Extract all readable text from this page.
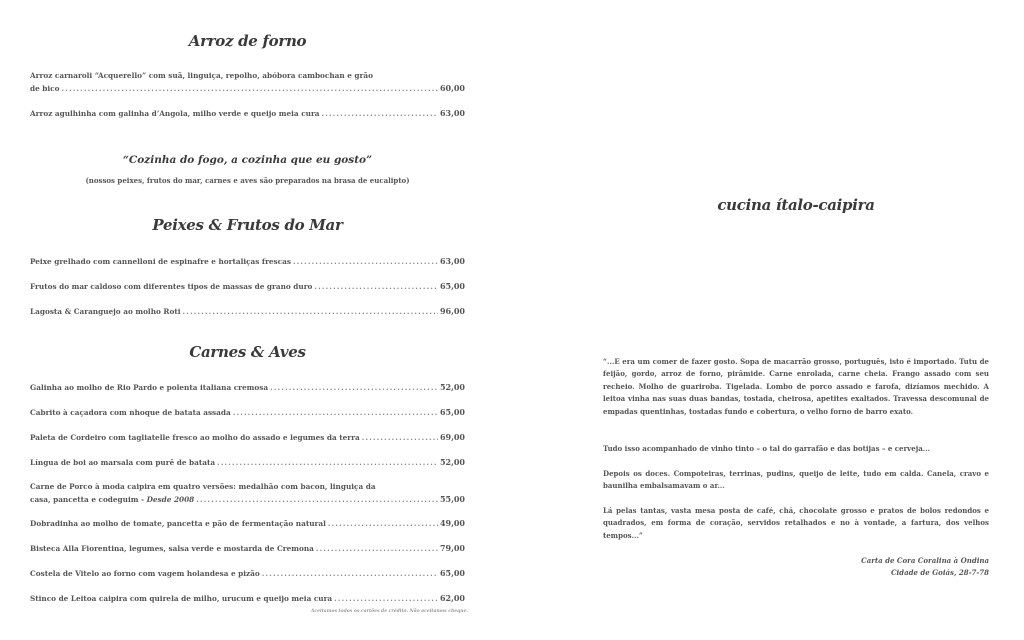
Arroz de forno
Arroz carnaroli “Acquerello” com suã, linguiça, repolho, abóbora cambochan e grão
de bico .....	60,00
Arroz agulhinha com galinha d’Angola, milho verde e queijo meia cura .....	63,00
“Cozinha do fogo, a cozinha que eu gosto”
(nossos peixes, frutos do mar, carnes e aves são preparados na brasa de eucalipto)
Peixes & Frutos do Mar
Peixe grelhado com cannelloni de espinafre e hortaliças frescas .....	63,00
Frutos do mar caldoso com diferentes tipos de massas de grano duro .....	65,00
Lagosta & Caranguejo ao molho Roti .....	96,00
Carnes & Aves
Galinha ao molho de Rio Pardo e polenta italiana cremosa .....	52,00
Cabrito à caçadora com nhoque de batata assada .....	65,00
Paleta de Cordeiro com tagliatelle fresco ao molho do assado e legumes da terra .....	69,00
Língua de boi ao marsala com purê de batata .....	52,00
Carne de Porco à moda caipira em quatro versões: medalhão com bacon, linguiça da
casa, pancetta e codeguim - Desde 2008 .....	55,00
Dobradinha ao molho de tomate, pancetta e pão de fermentação natural .....	49,00
Bisteca Alla Fiorentina, legumes, salsa verde e mostarda de Cremona .....	79,00
Costela de Vitelo ao forno com vagem holandesa e pizão .....	65,00
Stinco de Leitoa caipira com quirela de milho, urucum e queijo meia cura .....	62,00
Aceitamos todos os cartões de crédito. Não aceitamos cheque.
cucina ítalo-caipira
“...E era um comer de fazer gosto. Sopa de macarrão grosso, português, isto é importado. Tutu de feijão, gordo, arroz de forno, pirâmide. Carne enrolada, carne cheia. Frango assado com seu recheio. Molho de guariroba. Tigelada. Lombo de porco assado e farofa, dizíamos mechido. A leitoa vinha nas suas duas bandas, tostada, cheirosa, apetites exaltados. Travessa descomunal de empadas quentinhas, tostadas fundo e cobertura, o velho forno de barro exato.
Tudo isso acompanhado de vinho tinto – o tal do garrafão e das botijas – e cerveja...
Depois os doces. Compoteiras, terrinas, pudins, queijo de leite, tudo em calda. Canela, cravo e baunilha embalsamavam o ar...
Lá pelas tantas, vasta mesa posta de café, chá, chocolate grosso e pratos de bolos redondos e quadrados, em forma de coração, servidos retalhados e no à vontade, a fartura, dos velhos tempos...”
Carta de Cora Coralina à Ondina
Cidade de Goiás, 28-7-78
